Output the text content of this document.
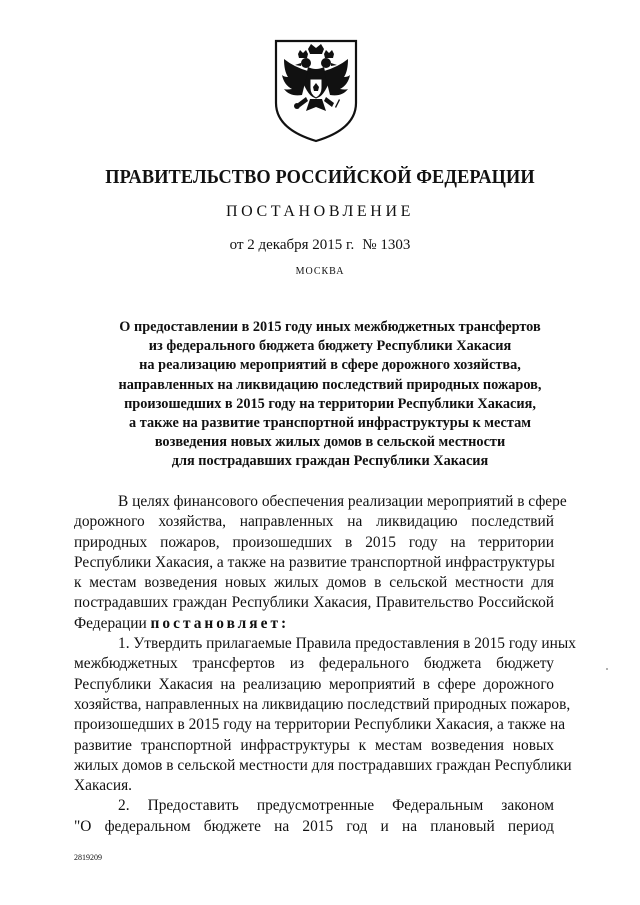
ПРАВИТЕЛЬСТВО РОССИЙСКОЙ ФЕДЕРАЦИИ
ПОСТАНОВЛЕНИЕ
от 2 декабря 2015 г. № 1303
МОСКВА
О предоставлении в 2015 году иных межбюджетных трансфертов
из федерального бюджета бюджету Республики Хакасия
на реализацию мероприятий в сфере дорожного хозяйства,
направленных на ликвидацию последствий природных пожаров,
произошедших в 2015 году на территории Республики Хакасия,
а также на развитие транспортной инфраструктуры к местам
возведения новых жилых домов в сельской местности
для пострадавших граждан Республики Хакасия
В целях финансового обеспечения реализации мероприятий в сфере
дорожного хозяйства, направленных на ликвидацию последствий
природных пожаров, произошедших в 2015 году на территории
Республики Хакасия, а также на развитие транспортной инфраструктуры
к местам возведения новых жилых домов в сельской местности для
пострадавших граждан Республики Хакасия, Правительство Российской
Федерации постановляет:
1. Утвердить прилагаемые Правила предоставления в 2015 году иных
межбюджетных трансфертов из федерального бюджета бюджету
Республики Хакасия на реализацию мероприятий в сфере дорожного
хозяйства, направленных на ликвидацию последствий природных пожаров,
произошедших в 2015 году на территории Республики Хакасия, а также на
развитие транспортной инфраструктуры к местам возведения новых
жилых домов в сельской местности для пострадавших граждан Республики
Хакасия.
2. Предоставить предусмотренные Федеральным законом
"О федеральном бюджете на 2015 год и на плановый период
2819209
